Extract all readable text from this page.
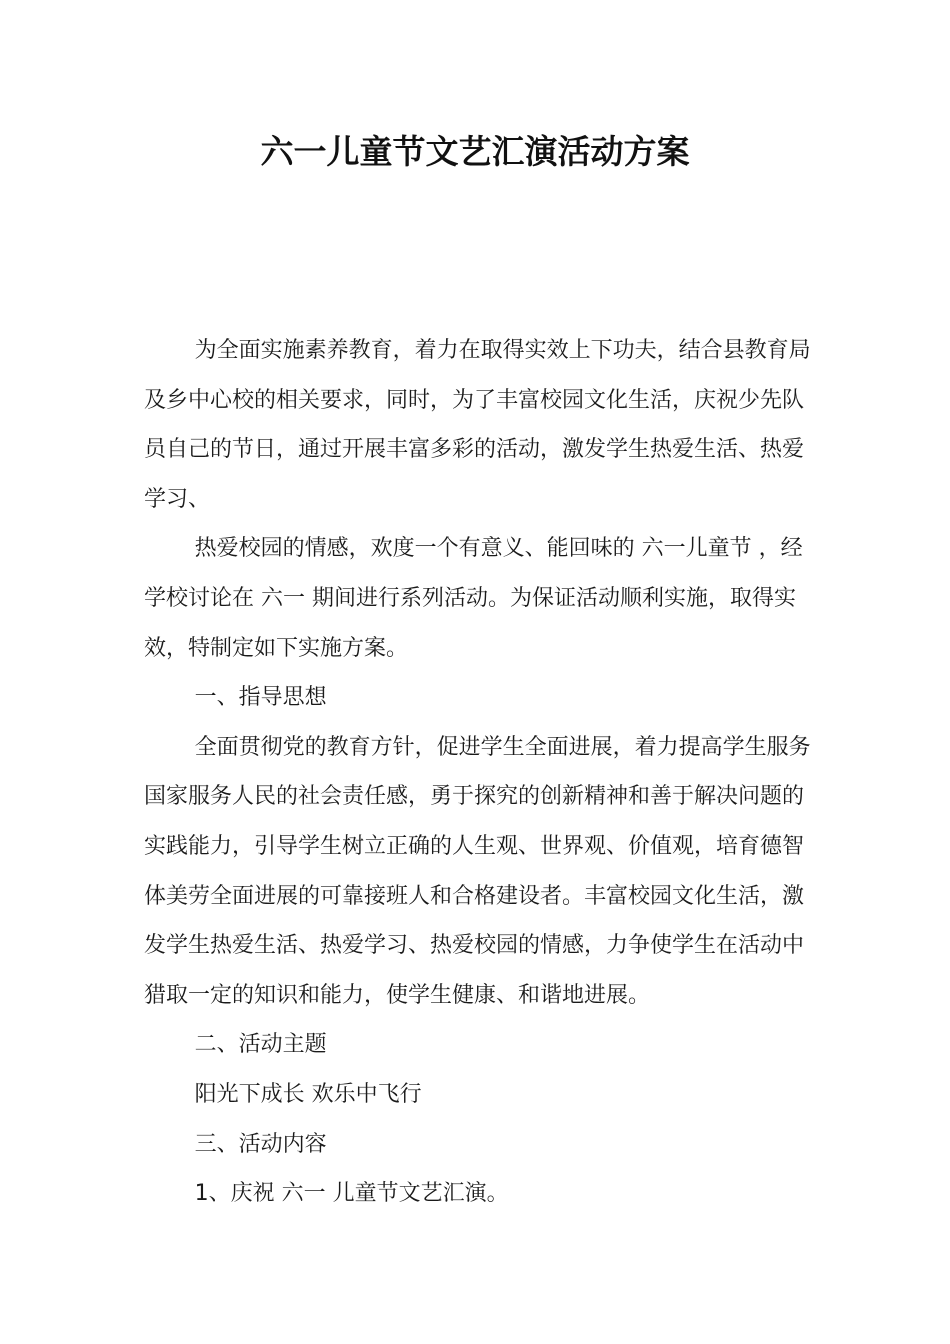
六一儿童节文艺汇演活动方案

为全面实施素养教育，着力在取得实效上下功夫，结合县教育局及乡中心校的相关要求，同时，为了丰富校园文化生活，庆祝少先队员自己的节日，通过开展丰富多彩的活动，激发学生热爱生活、热爱学习、

热爱校园的情感，欢度一个有意义、能回味的 六一儿童节 ，经学校讨论在 六一 期间进行系列活动。为保证活动顺利实施，取得实效，特制定如下实施方案。

一、指导思想

全面贯彻党的教育方针，促进学生全面进展，着力提高学生服务国家服务人民的社会责任感，勇于探究的创新精神和善于解决问题的实践能力，引导学生树立正确的人生观、世界观、价值观，培育德智体美劳全面进展的可靠接班人和合格建设者。丰富校园文化生活，激发学生热爱生活、热爱学习、热爱校园的情感，力争使学生在活动中猎取一定的知识和能力，使学生健康、和谐地进展。

二、活动主题

阳光下成长 欢乐中飞行

三、活动内容

1、庆祝 六一 儿童节文艺汇演。
